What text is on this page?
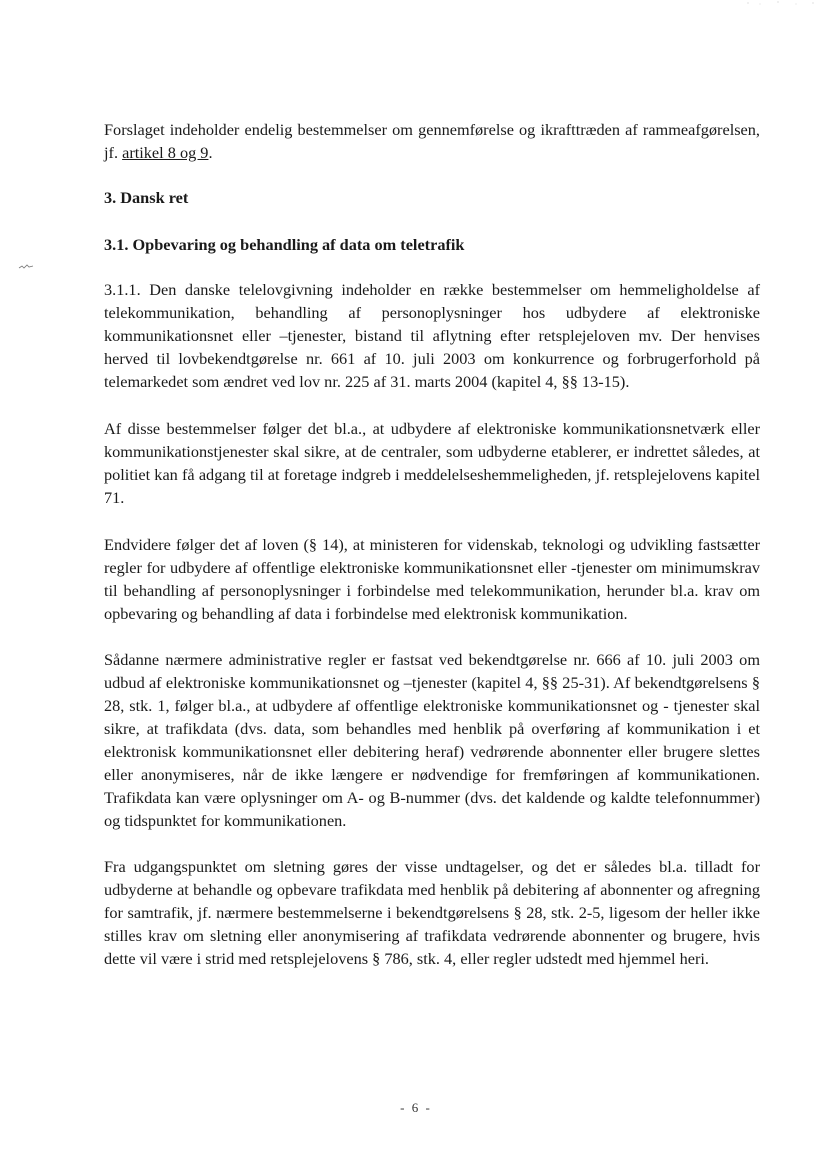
Forslaget indeholder endelig bestemmelser om gennemførelse og ikrafttræden af rammeafgørelsen, jf. artikel 8 og 9.

3. Dansk ret
3.1. Opbevaring og behandling af data om teletrafik

3.1.1. Den danske telelovgivning indeholder en række bestemmelser om hemmeligholdelse af telekommunikation, behandling af personoplysninger hos udbydere af elektroniske kommunikationsnet eller –tjenester, bistand til aflytning efter retsplejeloven mv. Der henvises herved til lovbekendtgørelse nr. 661 af 10. juli 2003 om konkurrence og forbrugerforhold på telemarkedet som ændret ved lov nr. 225 af 31. marts 2004 (kapitel 4, §§ 13-15).

Af disse bestemmelser følger det bl.a., at udbydere af elektroniske kommunikationsnetværk eller kommunikationstjenester skal sikre, at de centraler, som udbyderne etablerer, er indrettet således, at politiet kan få adgang til at foretage indgreb i meddelelseshemmeligheden, jf. retsplejelovens kapitel 71.

Endvidere følger det af loven (§ 14), at ministeren for videnskab, teknologi og udvikling fastsætter regler for udbydere af offentlige elektroniske kommunikationsnet eller -tjenester om minimumskrav til behandling af personoplysninger i forbindelse med telekommunikation, herunder bl.a. krav om opbevaring og behandling af data i forbindelse med elektronisk kommunikation.

Sådanne nærmere administrative regler er fastsat ved bekendtgørelse nr. 666 af 10. juli 2003 om udbud af elektroniske kommunikationsnet og –tjenester (kapitel 4, §§ 25-31). Af bekendtgørelsens § 28, stk. 1, følger bl.a., at udbydere af offentlige elektroniske kommunikationsnet og - tjenester skal sikre, at trafikdata (dvs. data, som behandles med henblik på overføring af kommunikation i et elektronisk kommunikationsnet eller debitering heraf) vedrørende abonnenter eller brugere slettes eller anonymiseres, når de ikke længere er nødvendige for fremføringen af kommunikationen. Trafikdata kan være oplysninger om A- og B-nummer (dvs. det kaldende og kaldte telefonnummer) og tidspunktet for kommunikationen.

Fra udgangspunktet om sletning gøres der visse undtagelser, og det er således bl.a. tilladt for udbyderne at behandle og opbevare trafikdata med henblik på debitering af abonnenter og afregning for samtrafik, jf. nærmere bestemmelserne i bekendtgørelsens § 28, stk. 2-5, ligesom der heller ikke stilles krav om sletning eller anonymisering af trafikdata vedrørende abonnenter og brugere, hvis dette vil være i strid med retsplejelovens § 786, stk. 4, eller regler udstedt med hjemmel heri.

- 6 -
